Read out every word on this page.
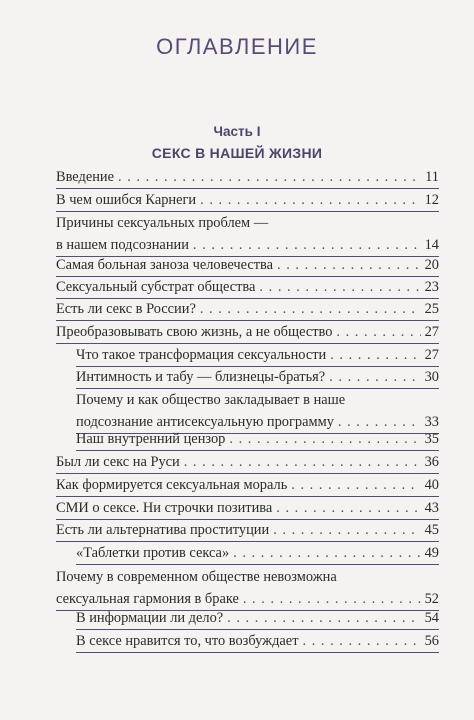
ОГЛАВЛЕНИЕ
Часть I
СЕКС В НАШЕЙ ЖИЗНИ
Введение . . .	11
В чем ошибся Карнеги . . .	12
Причины сексуальных проблем —
в нашем подсознании . . .	14
Самая больная заноза человечества . . .	20
Сексуальный субстрат общества . . .	23
Есть ли секс в России? . . .	25
Преобразовывать свою жизнь, а не общество . . .	27
Что такое трансформация сексуальности . . .	27
Интимность и табу — близнецы-братья? . . .	30
Почему и как общество закладывает в наше
подсознание антисексуальную программу . . .	33
Наш внутренний цензор . . .	35
Был ли секс на Руси . . .	36
Как формируется сексуальная мораль . . .	40
СМИ о сексе. Ни строчки позитива . . .	43
Есть ли альтернатива проституции . . .	45
«Таблетки против секса» . . .	49
Почему в современном обществе невозможна
сексуальная гармония в браке . . .	52
В информации ли дело? . . .	54
В сексе нравится то, что возбуждает . . .	56
